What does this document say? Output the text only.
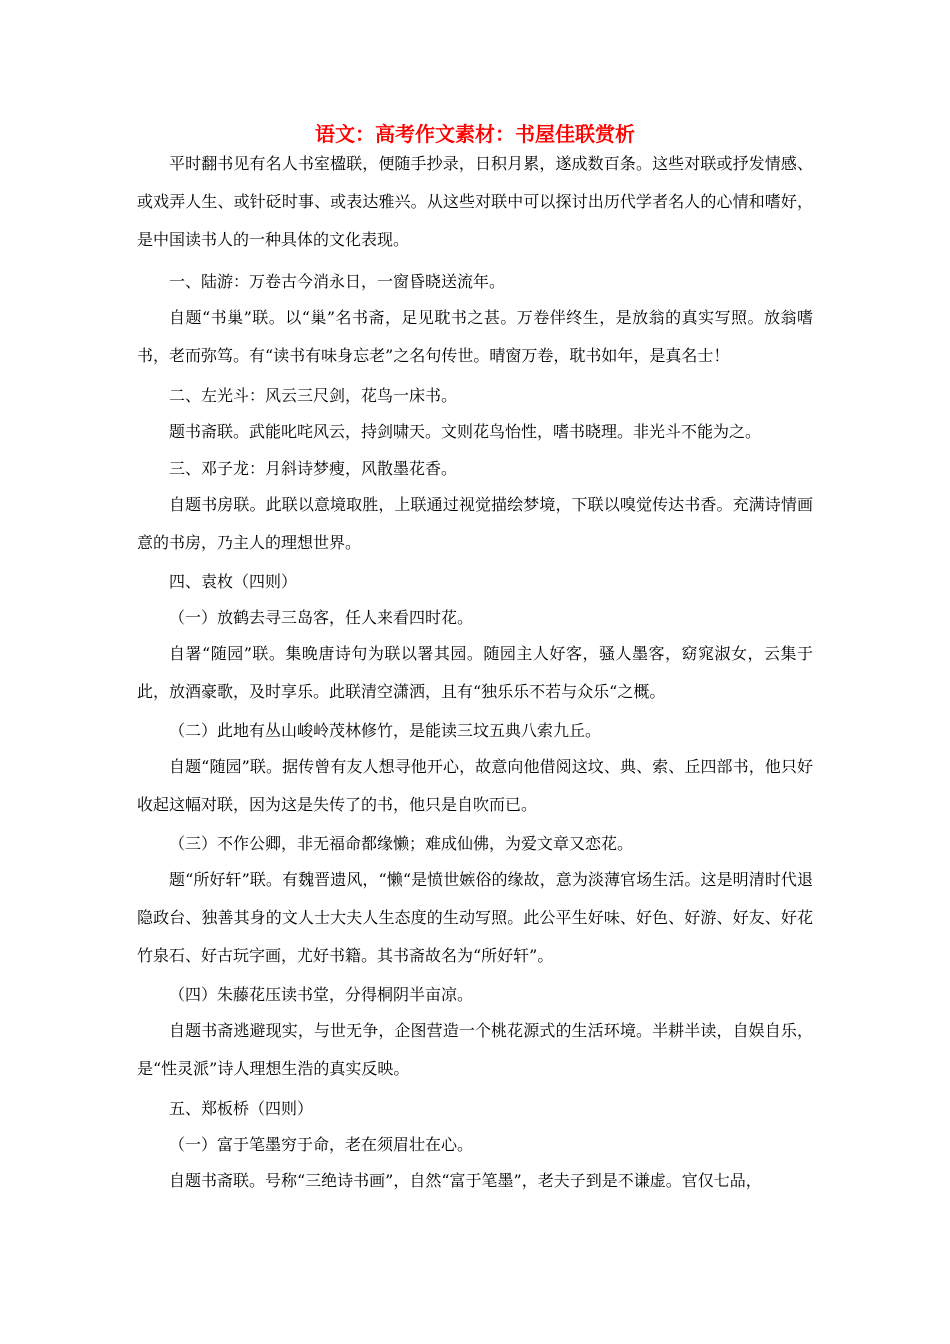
语文：高考作文素材：书屋佳联赏析

平时翻书见有名人书室楹联，便随手抄录，日积月累，遂成数百条。这些对联或抒发情感、或戏弄人生、或针砭时事、或表达雅兴。从这些对联中可以探讨出历代学者名人的心情和嗜好，是中国读书人的一种具体的文化表现。

一、陆游：万卷古今消永日，一窗昏晓送流年。

自题“书巢”联。以“巢”名书斋，足见耽书之甚。万卷伴终生，是放翁的真实写照。放翁嗜书，老而弥笃。有“读书有味身忘老”之名句传世。晴窗万卷，耽书如年，是真名士！

二、左光斗：风云三尺剑，花鸟一床书。

题书斋联。武能叱咤风云，持剑啸天。文则花鸟怡性，嗜书晓理。非光斗不能为之。

三、邓子龙：月斜诗梦瘦，风散墨花香。

自题书房联。此联以意境取胜，上联通过视觉描绘梦境，下联以嗅觉传达书香。充满诗情画意的书房，乃主人的理想世界。

四、袁枚（四则）

（一）放鹤去寻三岛客，任人来看四时花。

自署“随园”联。集晚唐诗句为联以署其园。随园主人好客，骚人墨客，窈窕淑女，云集于此，放酒豪歌，及时享乐。此联清空潇洒，且有“独乐乐不若与众乐“之概。

（二）此地有丛山峻岭茂林修竹，是能读三坟五典八索九丘。

自题“随园”联。据传曾有友人想寻他开心，故意向他借阅这坟、典、索、丘四部书，他只好收起这幅对联，因为这是失传了的书，他只是自吹而已。

（三）不作公卿，非无福命都缘懒；难成仙佛，为爱文章又恋花。

题“所好轩”联。有魏晋遗风，“懒“是愤世嫉俗的缘故，意为淡薄官场生活。这是明清时代退隐政台、独善其身的文人士大夫人生态度的生动写照。此公平生好味、好色、好游、好友、好花竹泉石、好古玩字画，尤好书籍。其书斋故名为“所好轩”。

（四）朱藤花压读书堂，分得桐阴半亩凉。

自题书斋逃避现实，与世无争，企图营造一个桃花源式的生活环境。半耕半读，自娱自乐，是“性灵派”诗人理想生浩的真实反映。

五、郑板桥（四则）

（一）富于笔墨穷于命，老在须眉壮在心。

自题书斋联。号称“三绝诗书画”，自然“富于笔墨”，老夫子到是不谦虚。官仅七品，
